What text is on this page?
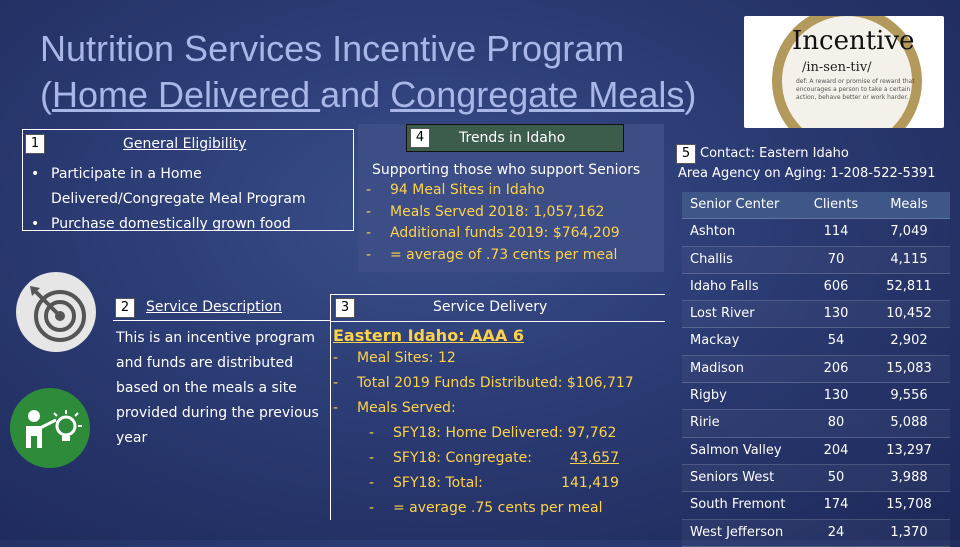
Nutrition Services Incentive Program
(Home Delivered and Congregate Meals)
Incentive
/in-sen-tiv/
def: A reward or promise of reward that encourages a person to take a certain action, behave better or work harder.
1	General Eligibility
• Participate in a Home Delivered/Congregate Meal Program
• Purchase domestically grown food
4	Trends in Idaho
Supporting those who support Seniors
- 94 Meal Sites in Idaho
- Meals Served 2018: 1,057,162
- Additional funds 2019: $764,209
- = average of .73 cents per meal
2	Service Description
This is an incentive program and funds are distributed based on the meals a site provided during the previous year
3	Service Delivery
Eastern Idaho: AAA 6
- Meal Sites: 12
- Total 2019 Funds Distributed: $106,717
- Meals Served:
- SFY18: Home Delivered: 97,762
- SFY18: Congregate:	43,657
- SFY18: Total:	141,419
- = average .75 cents per meal
5 Contact: Eastern Idaho
Area Agency on Aging: 1-208-522-5391
Senior Center	Clients	Meals
Ashton	114	7,049
Challis	70	4,115
Idaho Falls	606	52,811
Lost River	130	10,452
Mackay	54	2,902
Madison	206	15,083
Rigby	130	9,556
Ririe	80	5,088
Salmon Valley	204	13,297
Seniors West	50	3,988
South Fremont	174	15,708
West Jefferson	24	1,370
